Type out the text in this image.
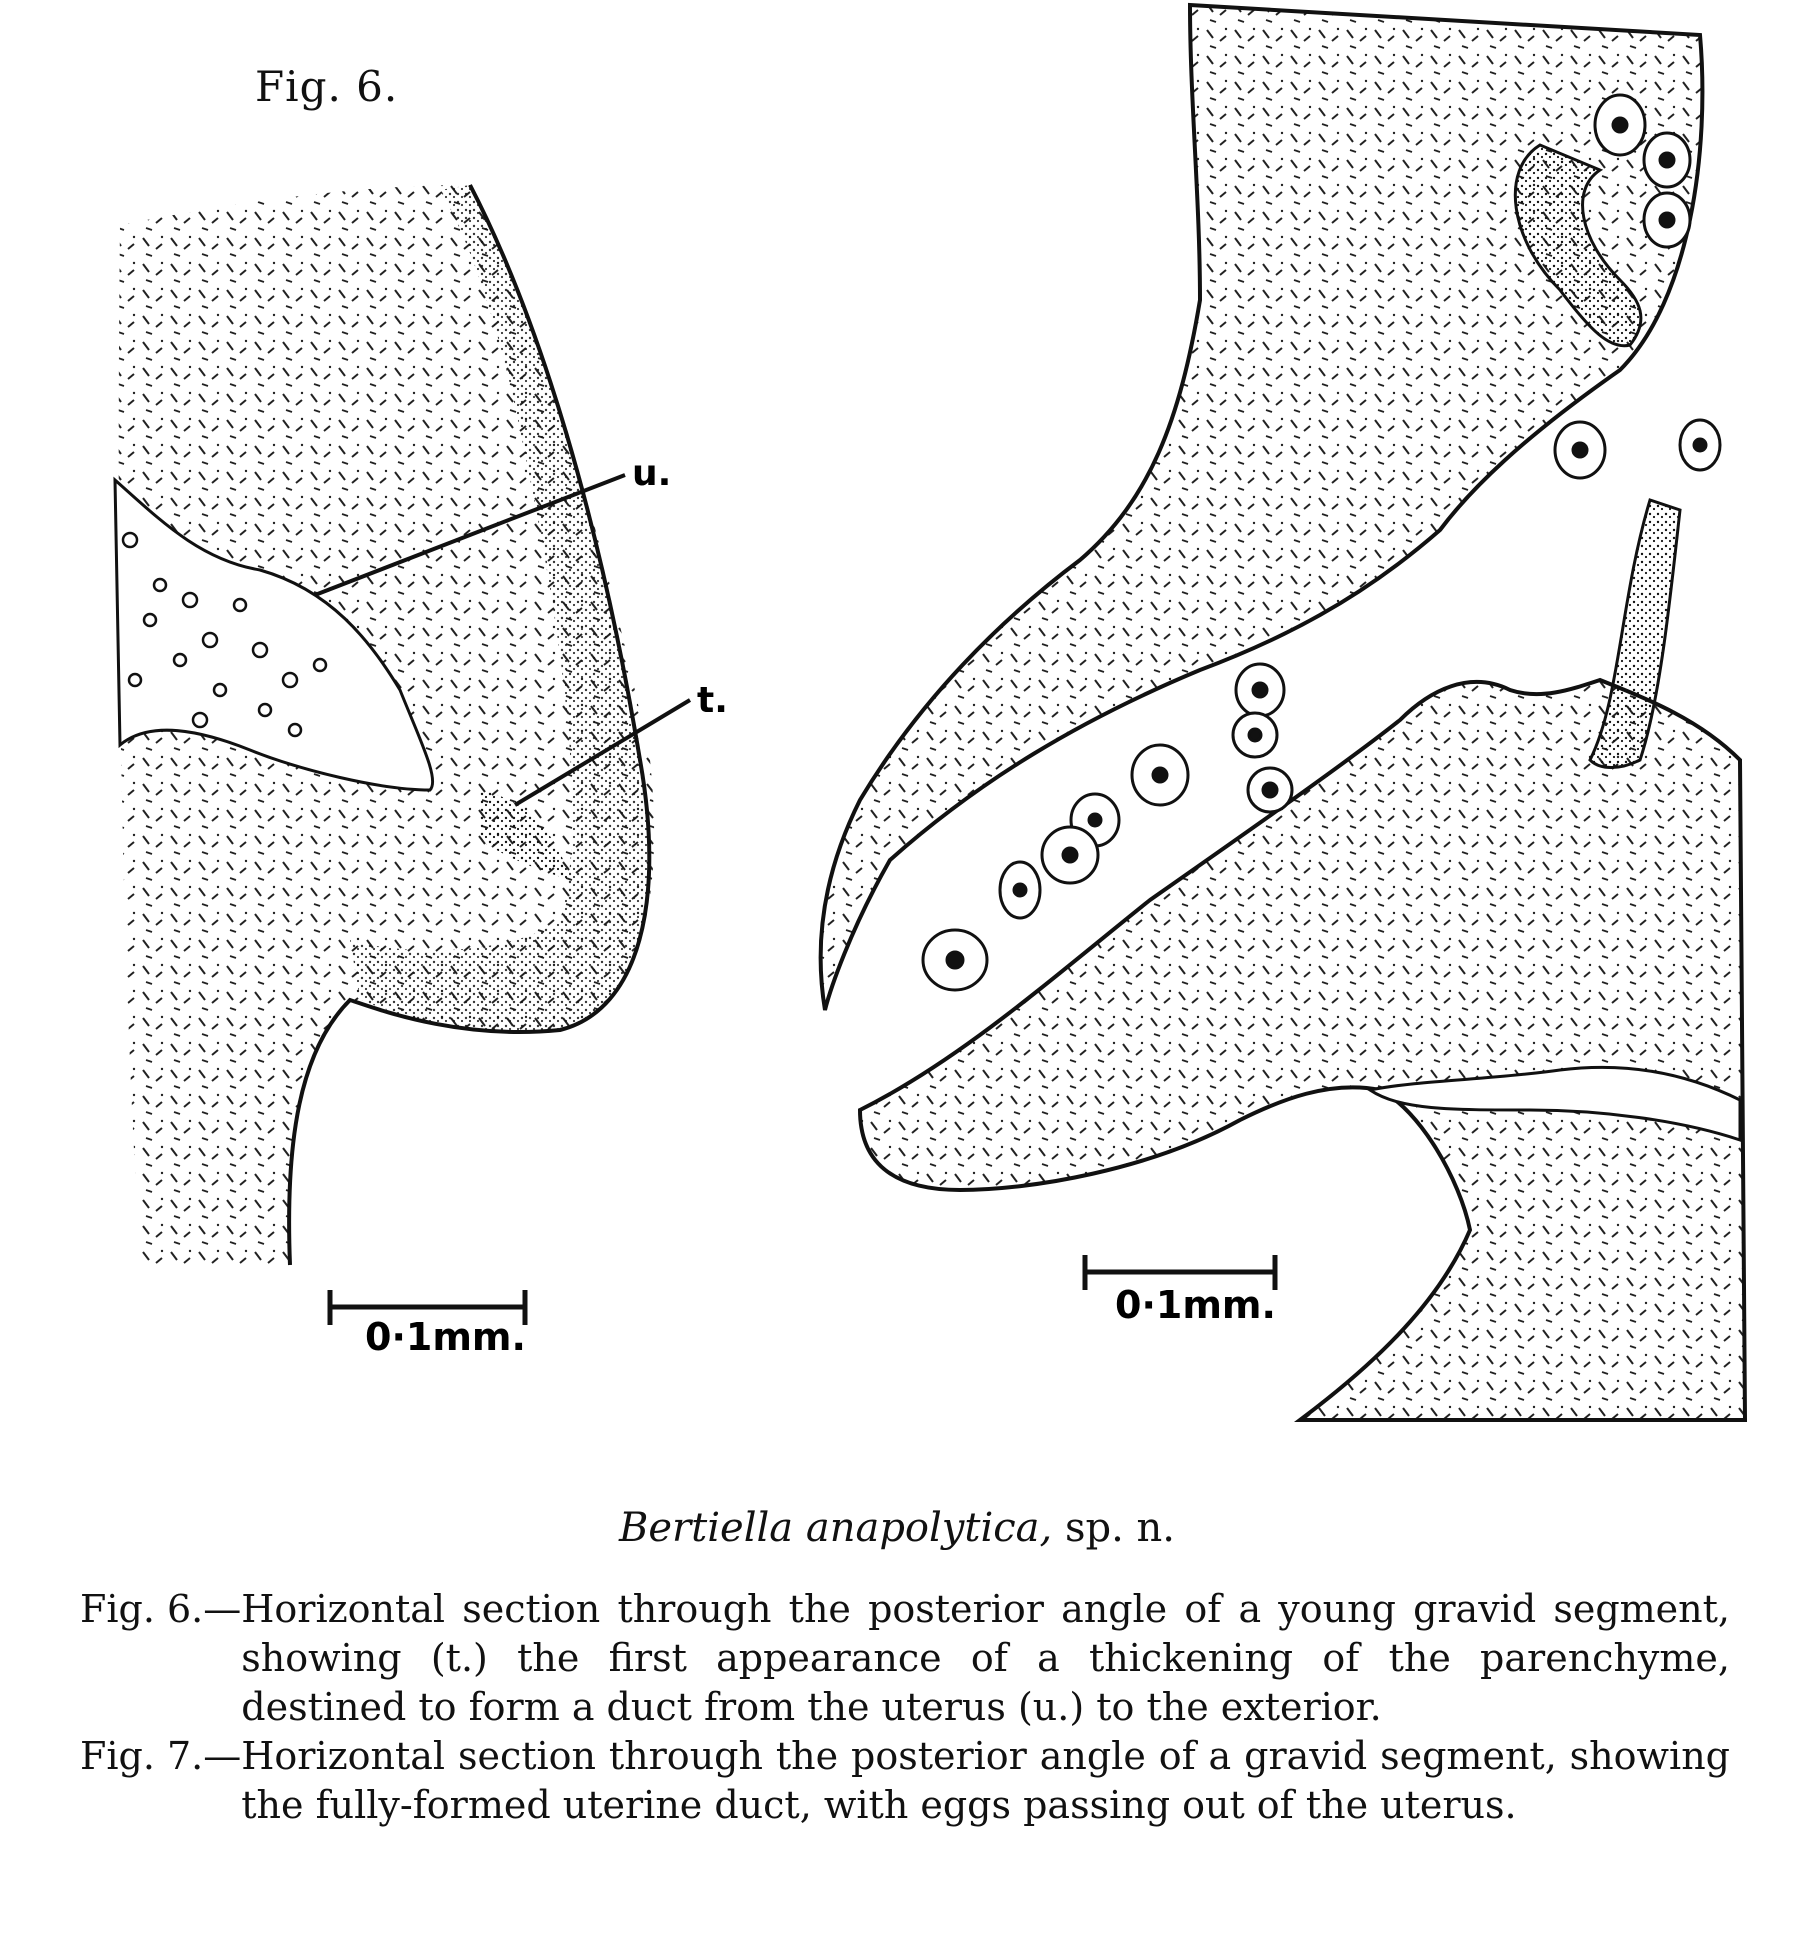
Fig. 6.
u.
t.
0·1mm.
0·1mm.
Bertiella anapolytica, sp. n.
Fig. 6.— Horizontal section through the posterior angle of a young gravid segment, showing (t.) the first appearance of a thickening of the parenchyme, destined to form a duct from the uterus (u.) to the exterior.
Fig. 7.— Horizontal section through the posterior angle of a gravid segment, showing the fully-formed uterine duct, with eggs passing out of the uterus.
